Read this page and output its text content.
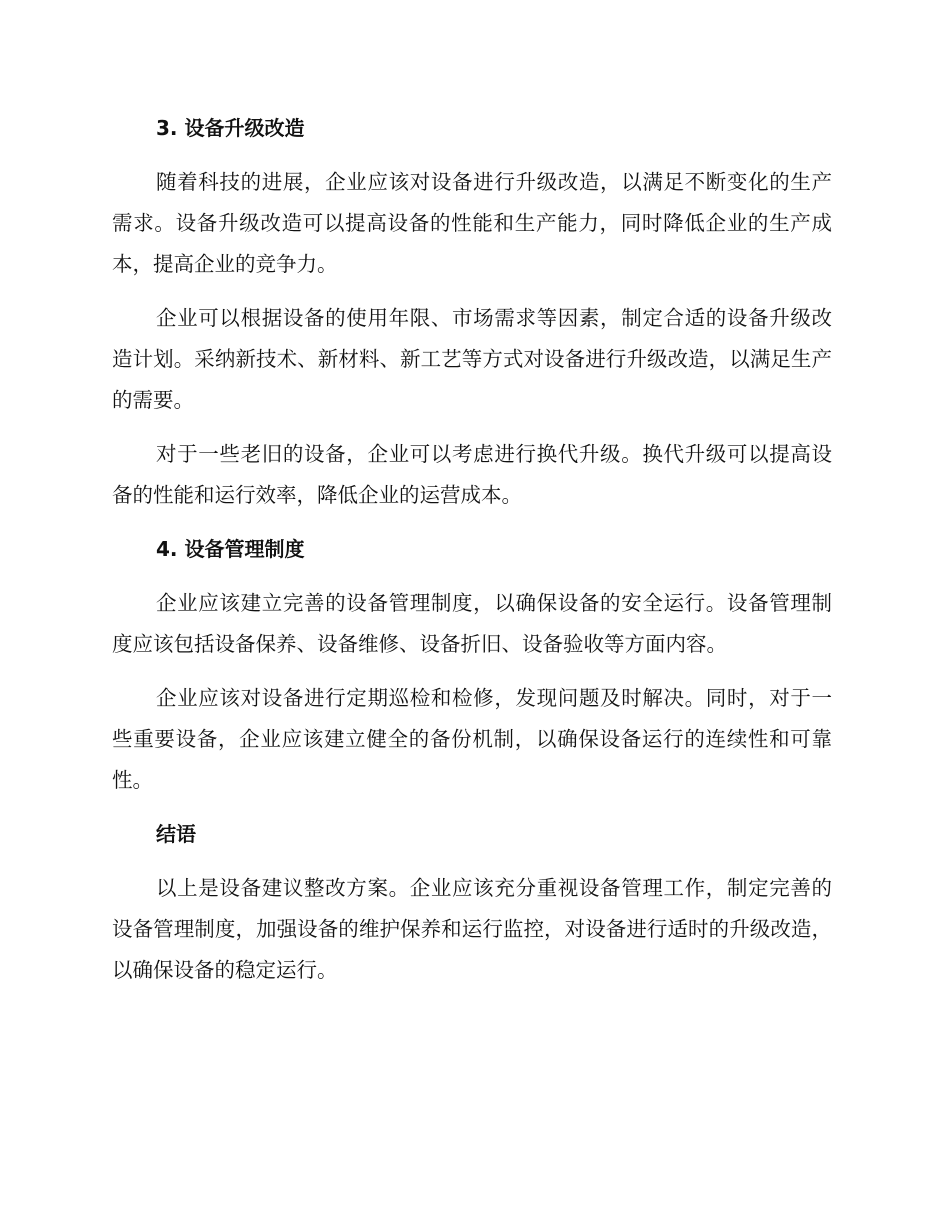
3. 设备升级改造

随着科技的进展，企业应该对设备进行升级改造，以满足不断变化的生产需求。设备升级改造可以提高设备的性能和生产能力，同时降低企业的生产成本，提高企业的竞争力。

企业可以根据设备的使用年限、市场需求等因素，制定合适的设备升级改造计划。采纳新技术、新材料、新工艺等方式对设备进行升级改造，以满足生产的需要。

对于一些老旧的设备，企业可以考虑进行换代升级。换代升级可以提高设备的性能和运行效率，降低企业的运营成本。

4. 设备管理制度

企业应该建立完善的设备管理制度，以确保设备的安全运行。设备管理制度应该包括设备保养、设备维修、设备折旧、设备验收等方面内容。

企业应该对设备进行定期巡检和检修，发现问题及时解决。同时，对于一些重要设备，企业应该建立健全的备份机制，以确保设备运行的连续性和可靠性。

结语

以上是设备建议整改方案。企业应该充分重视设备管理工作，制定完善的设备管理制度，加强设备的维护保养和运行监控，对设备进行适时的升级改造，以确保设备的稳定运行。
